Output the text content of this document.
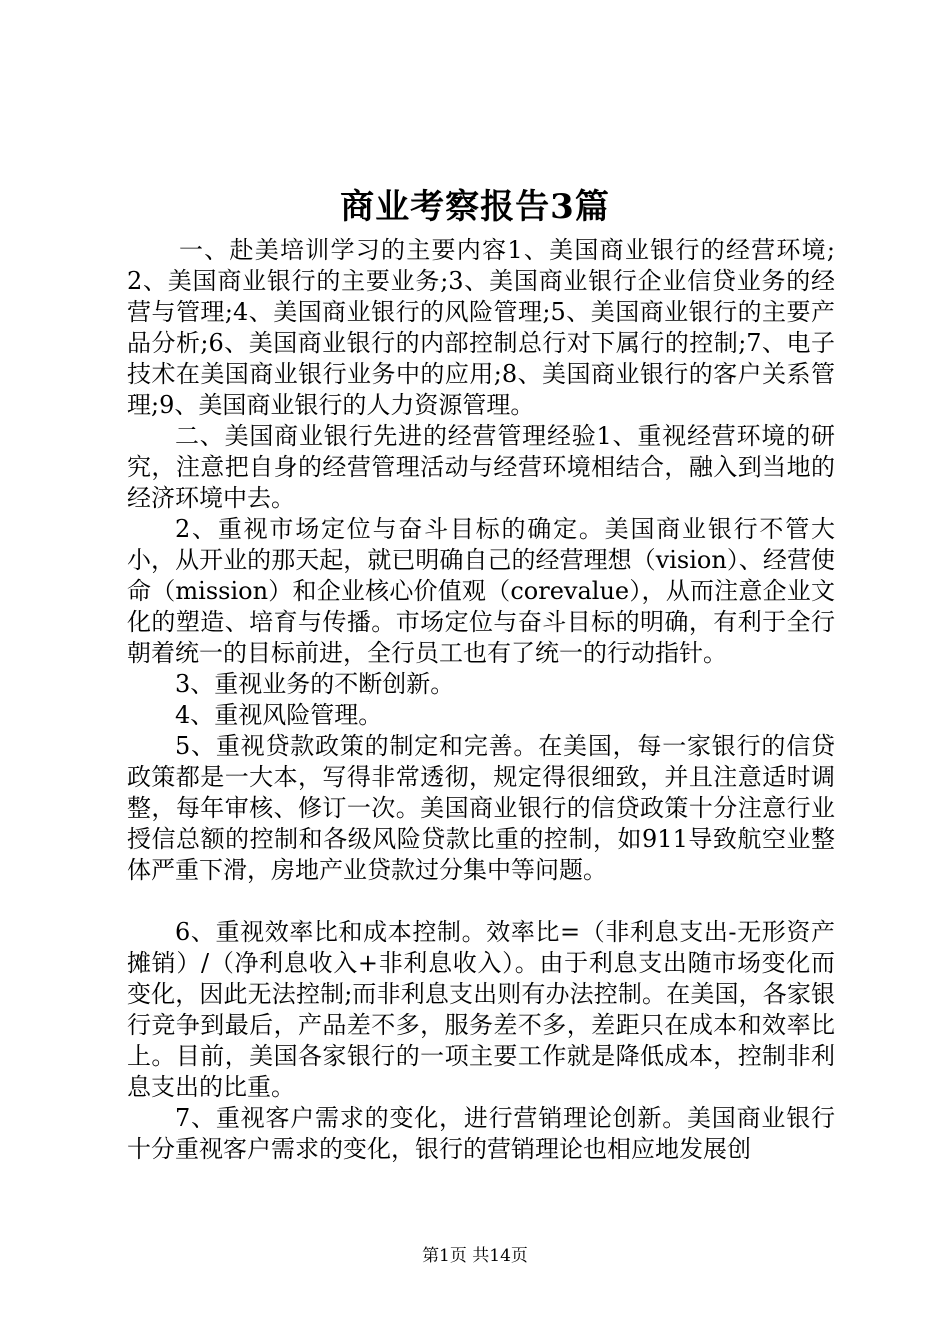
商业考察报告3篇

一、赴美培训学习的主要内容1、美国商业银行的经营环境;2、美国商业银行的主要业务;3、美国商业银行企业信贷业务的经营与管理;4、美国商业银行的风险管理;5、美国商业银行的主要产品分析;6、美国商业银行的内部控制总行对下属行的控制;7、电子技术在美国商业银行业务中的应用;8、美国商业银行的客户关系管理;9、美国商业银行的人力资源管理。

二、美国商业银行先进的经营管理经验1、重视经营环境的研究，注意把自身的经营管理活动与经营环境相结合，融入到当地的经济环境中去。

2、重视市场定位与奋斗目标的确定。美国商业银行不管大小，从开业的那天起，就已明确自己的经营理想（vision）、经营使命（mission）和企业核心价值观（corevalue），从而注意企业文化的塑造、培育与传播。市场定位与奋斗目标的明确，有利于全行朝着统一的目标前进，全行员工也有了统一的行动指针。

3、重视业务的不断创新。

4、重视风险管理。

5、重视贷款政策的制定和完善。在美国，每一家银行的信贷政策都是一大本，写得非常透彻，规定得很细致，并且注意适时调整，每年审核、修订一次。美国商业银行的信贷政策十分注意行业授信总额的控制和各级风险贷款比重的控制，如911导致航空业整体严重下滑，房地产业贷款过分集中等问题。

6、重视效率比和成本控制。效率比=（非利息支出-无形资产摊销）/（净利息收入+非利息收入）。由于利息支出随市场变化而变化，因此无法控制;而非利息支出则有办法控制。在美国，各家银行竞争到最后，产品差不多，服务差不多，差距只在成本和效率比上。目前，美国各家银行的一项主要工作就是降低成本，控制非利息支出的比重。

7、重视客户需求的变化，进行营销理论创新。美国商业银行十分重视客户需求的变化，银行的营销理论也相应地发展创

第1页 共14页
